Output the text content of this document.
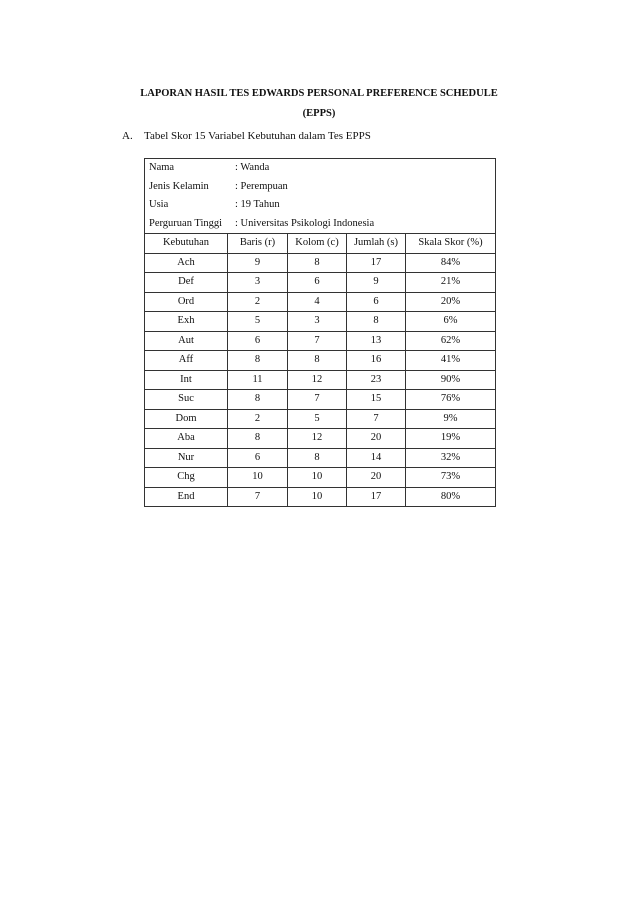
LAPORAN HASIL TES EDWARDS PERSONAL PREFERENCE SCHEDULE
(EPPS)
A. Tabel Skor 15 Variabel Kebutuhan dalam Tes EPPS
Nama : Wanda				
Jenis Kelamin : Perempuan				
Usia : 19 Tahun				
Perguruan Tinggi : Universitas Psikologi Indonesia				
Kebutuhan	Baris (r)	Kolom (c)	Jumlah (s)	Skala Skor (%)
Ach	9	8	17	84%
Def	3	6	9	21%
Ord	2	4	6	20%
Exh	5	3	8	6%
Aut	6	7	13	62%
Aff	8	8	16	41%
Int	11	12	23	90%
Suc	8	7	15	76%
Dom	2	5	7	9%
Aba	8	12	20	19%
Nur	6	8	14	32%
Chg	10	10	20	73%
End	7	10	17	80%
